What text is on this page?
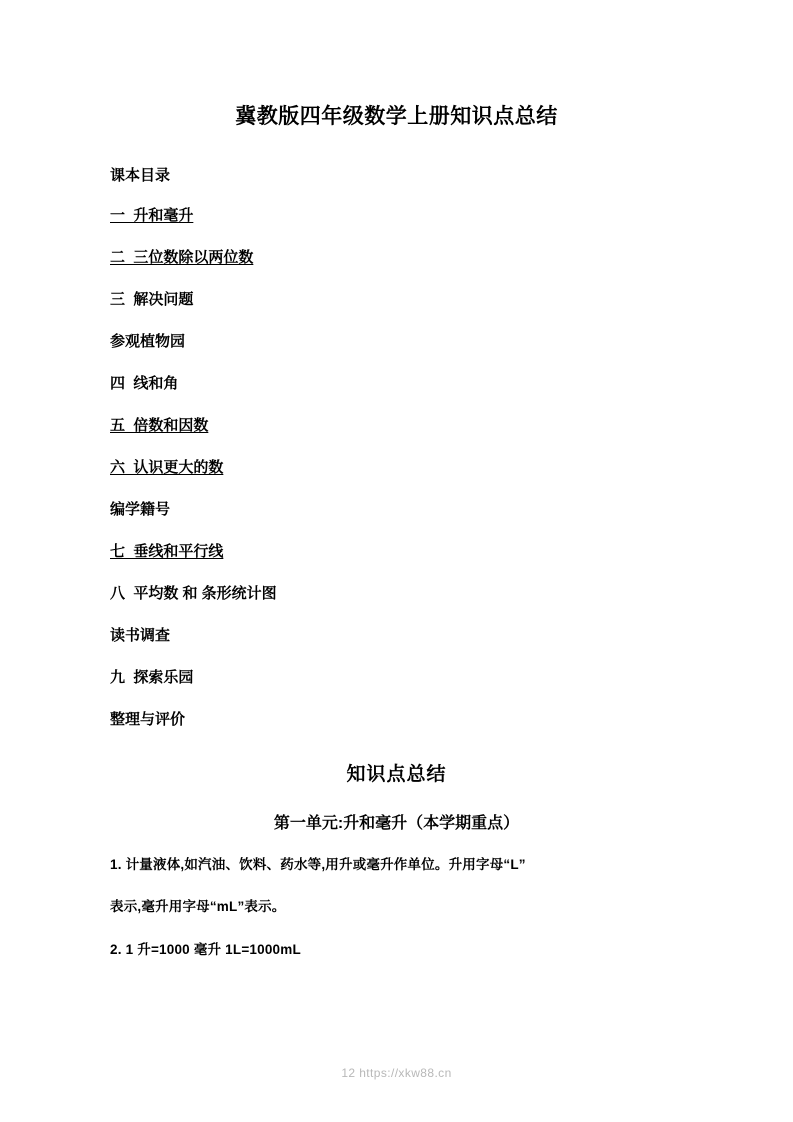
冀教版四年级数学上册知识点总结
课本目录
一  升和毫升
二  三位数除以两位数
三  解决问题
参观植物园
四  线和角
五  倍数和因数
六  认识更大的数
编学籍号
七  垂线和平行线
八  平均数 和 条形统计图
读书调查
九  探索乐园
整理与评价
知识点总结
第一单元:升和毫升（本学期重点）
1. 计量液体,如汽油、饮料、药水等,用升或毫升作单位。升用字母“L”
表示,毫升用字母“mL”表示。
2. 1 升=1000 毫升 1L=1000mL
12 https://xkw88.cn
